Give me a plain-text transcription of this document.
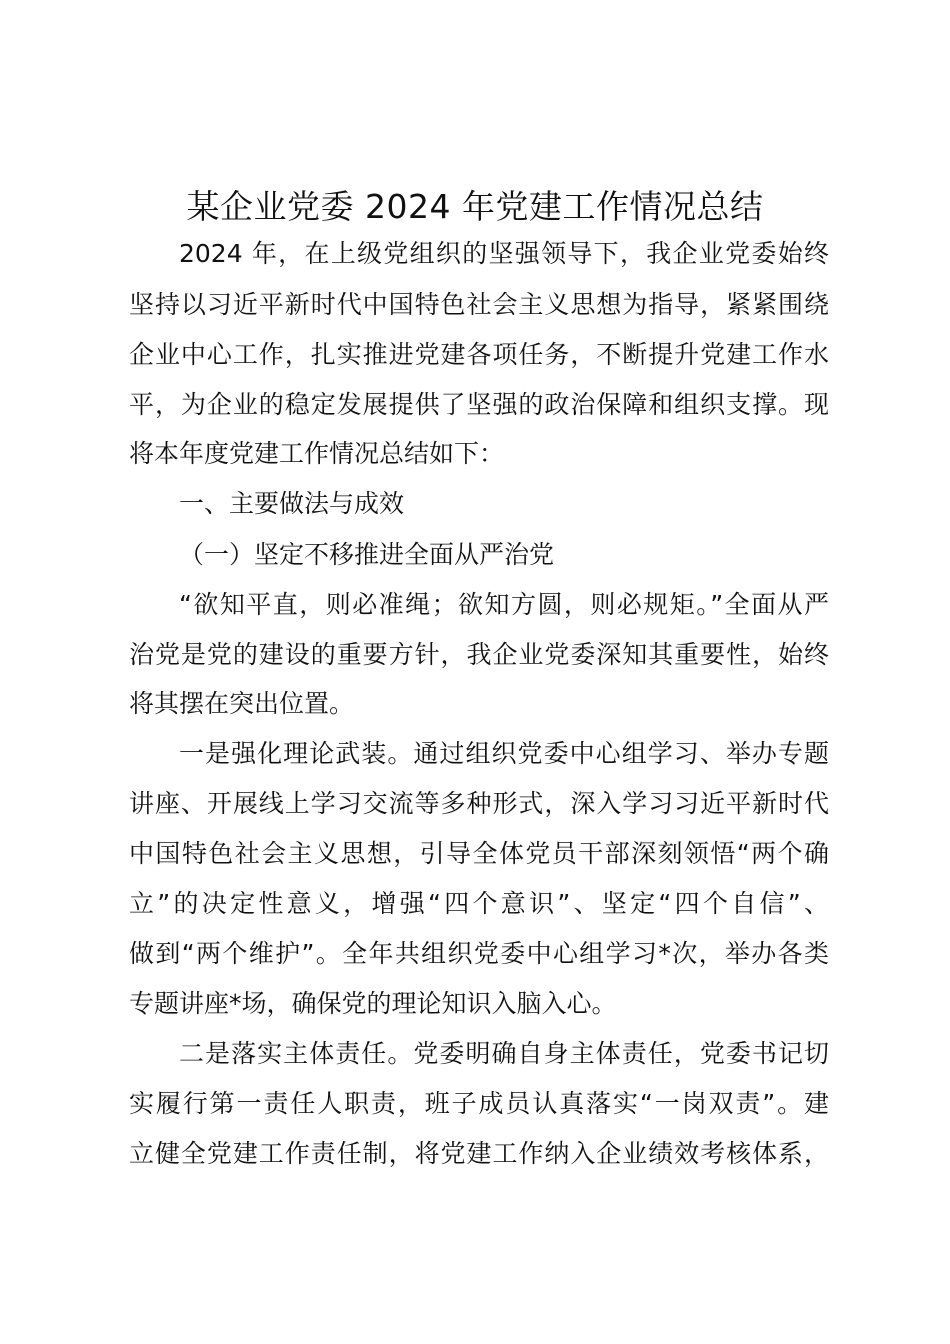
某企业党委 2024 年党建工作情况总结

2024 年，在上级党组织的坚强领导下，我企业党委始终

坚持以习近平新时代中国特色社会主义思想为指导，紧紧围绕

企业中心工作，扎实推进党建各项任务，不断提升党建工作水

平，为企业的稳定发展提供了坚强的政治保障和组织支撑。现

将本年度党建工作情况总结如下：

一、主要做法与成效

（一）坚定不移推进全面从严治党

“欲知平直，则必准绳；欲知方圆，则必规矩。”全面从严

治党是党的建设的重要方针，我企业党委深知其重要性，始终

将其摆在突出位置。

一是强化理论武装。通过组织党委中心组学习、举办专题

讲座、开展线上学习交流等多种形式，深入学习习近平新时代

中国特色社会主义思想，引导全体党员干部深刻领悟“两个确

立”的决定性意义，增强“四个意识”、坚定“四个自信”、

做到“两个维护”。全年共组织党委中心组学习*次，举办各类

专题讲座*场，确保党的理论知识入脑入心。

二是落实主体责任。党委明确自身主体责任，党委书记切

实履行第一责任人职责，班子成员认真落实“一岗双责”。建

立健全党建工作责任制，将党建工作纳入企业绩效考核体系，
